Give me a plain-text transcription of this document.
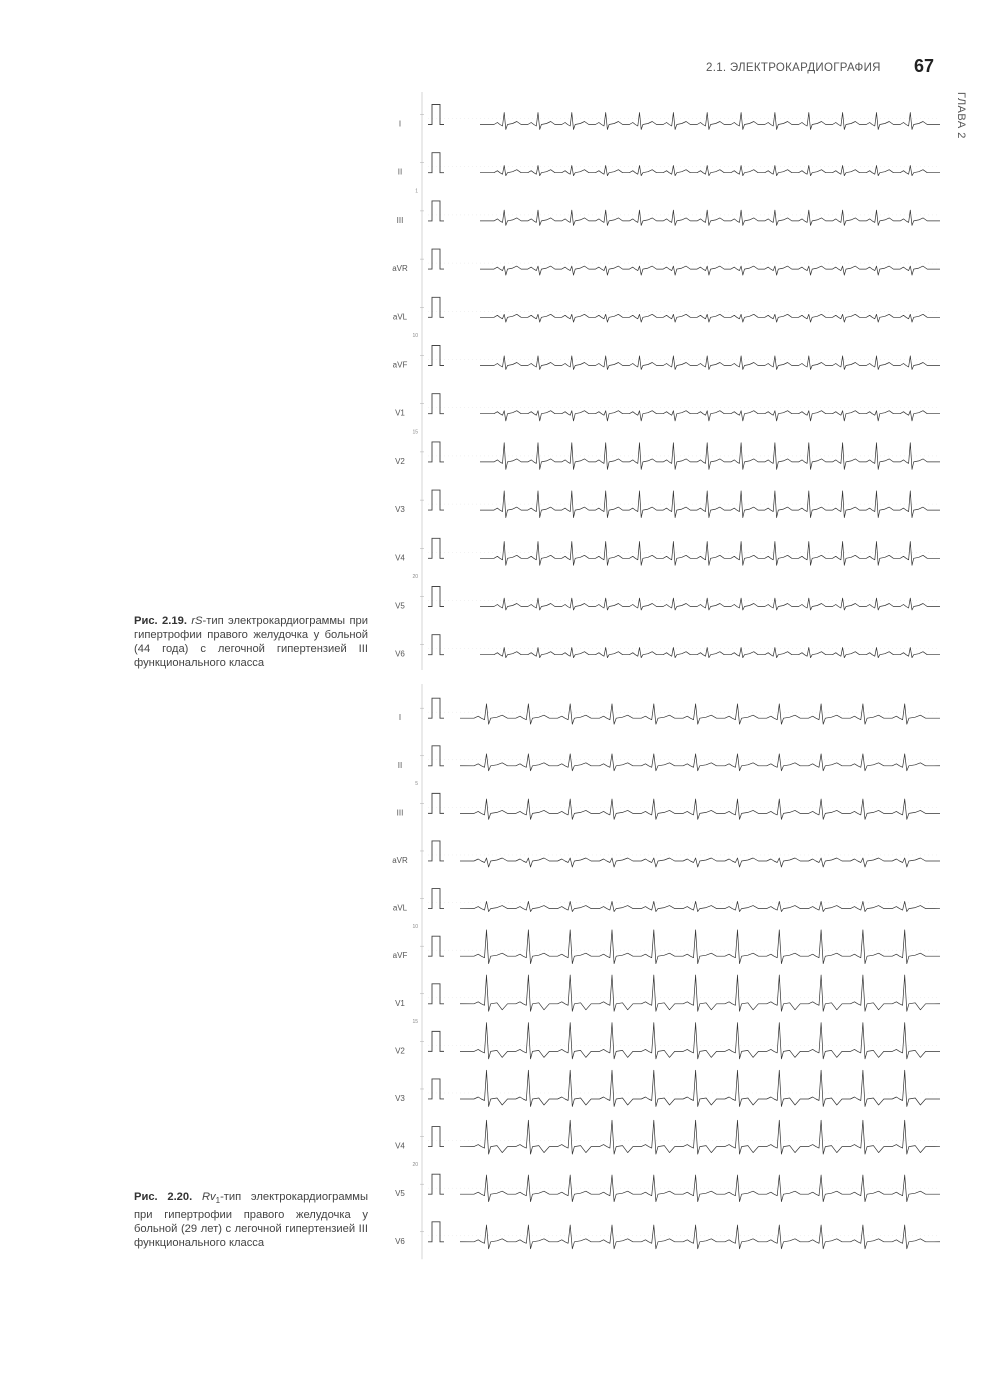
2.1. ЭЛЕКТРОКАРДИОГРАФИЯ 67
ГЛАВА 2
I
II
III
aVR
aVL
aVF
V1
V2
V3
V4
V5
V6
1
10
15
20
Рис. 2.19. rS-тип электрокардиограммы при гипертрофии правого желудочка у больной (44 года) с легочной гипертензией III функционального класса
I
II
III
aVR
aVL
aVF
V1
V2
V3
V4
V5
V6
5
10
15
20
Рис. 2.20. $Rv_1$-тип электрокардиограммы при гипертрофии правого желудочка у больной (29 лет) с легочной гипертензией III функционального класса
